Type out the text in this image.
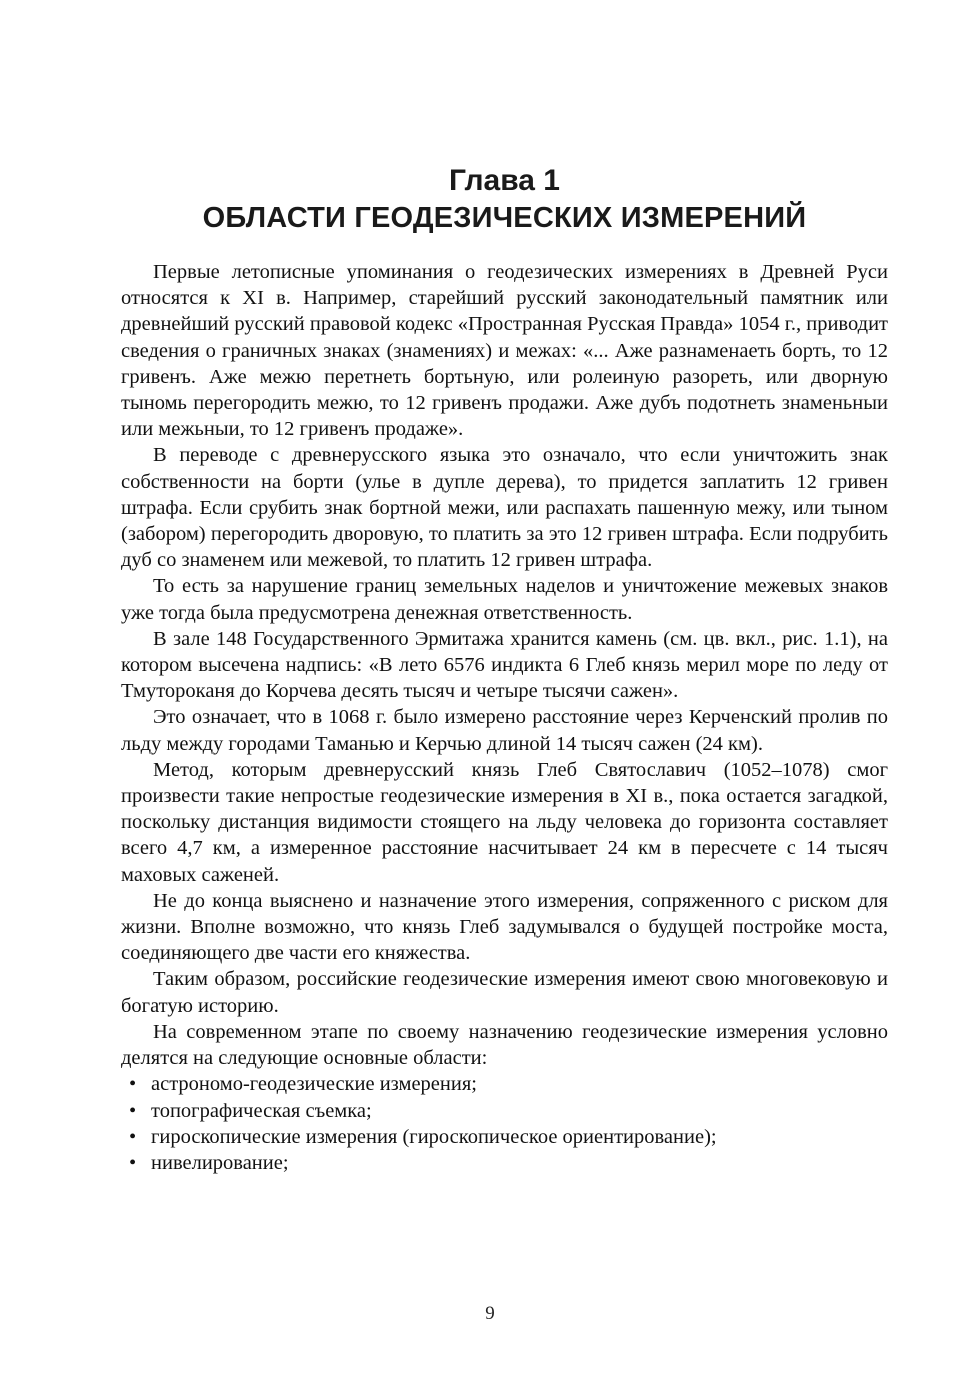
Глава 1
ОБЛАСТИ ГЕОДЕЗИЧЕСКИХ ИЗМЕРЕНИЙ

Первые летописные упоминания о геодезических измерениях в Древней Руси относятся к XI в. Например, старейший русский законодательный памятник или древнейший русский правовой кодекс «Пространная Русская Правда» 1054 г., приводит сведения о граничных знаках (знамениях) и межах: «... Аже разнаменаеть борть, то 12 гривенъ. Аже межю перетнеть бортьную, или ролеиную разореть, или дворную тыномь перегородить межю, то 12 гривенъ продажи. Аже дубъ подотнеть знаменьныи или межьныи, то 12 гривенъ продаже».

В переводе с древнерусского языка это означало, что если уничтожить знак собственности на борти (улье в дупле дерева), то придется заплатить 12 гривен штрафа. Если срубить знак бортной межи, или распахать пашенную межу, или тыном (забором) перегородить дворовую, то платить за это 12 гривен штрафа. Если подрубить дуб со знаменем или межевой, то платить 12 гривен штрафа.

То есть за нарушение границ земельных наделов и уничтожение межевых знаков уже тогда была предусмотрена денежная ответственность.

В зале 148 Государственного Эрмитажа хранится камень (см. цв. вкл., рис. 1.1), на котором высечена надпись: «В лето 6576 индикта 6 Глеб князь мерил море по леду от Тмутороканя до Корчева десять тысяч и четыре тысячи сажен».

Это означает, что в 1068 г. было измерено расстояние через Керченский пролив по льду между городами Таманью и Керчью длиной 14 тысяч сажен (24 км).

Метод, которым древнерусский князь Глеб Святославич (1052–1078) смог произвести такие непростые геодезические измерения в XI в., пока остается загадкой, поскольку дистанция видимости стоящего на льду человека до горизонта составляет всего 4,7 км, а измеренное расстояние насчитывает 24 км в пересчете с 14 тысяч маховых саженей.

Не до конца выяснено и назначение этого измерения, сопряженного с риском для жизни. Вполне возможно, что князь Глеб задумывался о будущей постройке моста, соединяющего две части его княжества.

Таким образом, российские геодезические измерения имеют свою многовековую и богатую историю.

На современном этапе по своему назначению геодезические измерения условно делятся на следующие основные области:

• астрономо-геодезические измерения;
• топографическая съемка;
• гироскопические измерения (гироскопическое ориентирование);
• нивелирование;
9
